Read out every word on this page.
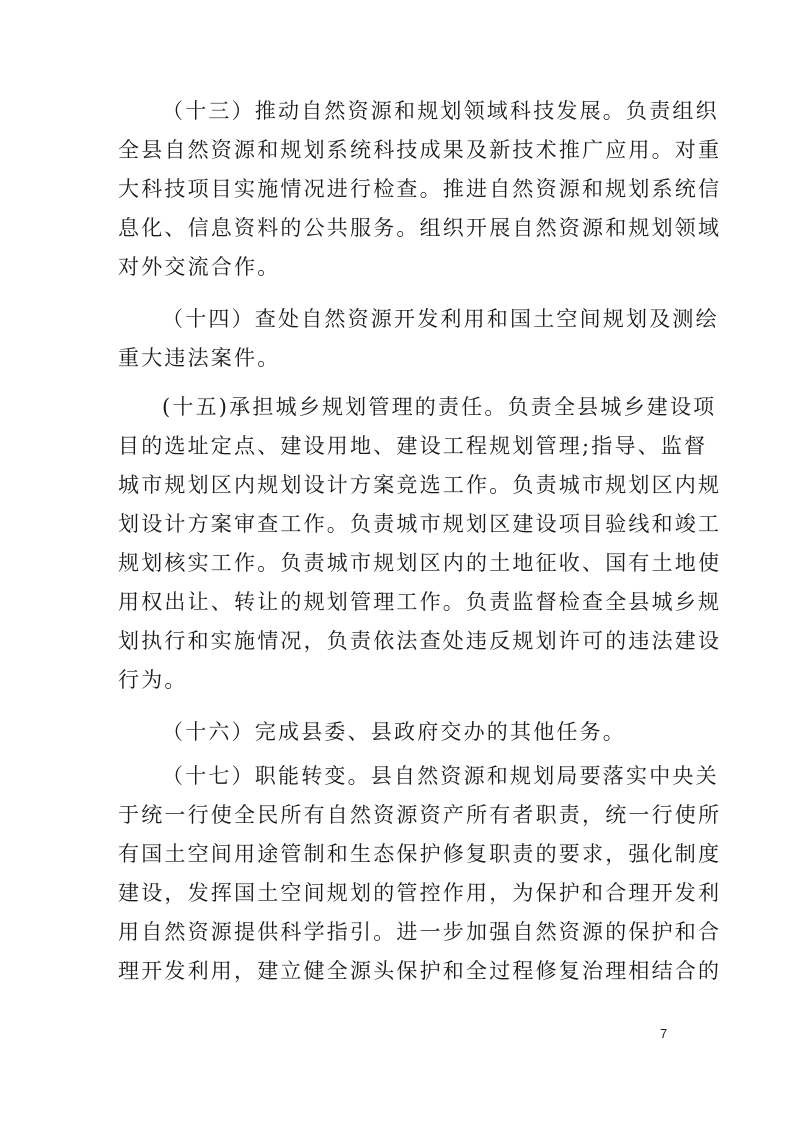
（十三）推动自然资源和规划领域科技发展。负责组织
全县自然资源和规划系统科技成果及新技术推广应用。对重
大科技项目实施情况进行检查。推进自然资源和规划系统信
息化、信息资料的公共服务。组织开展自然资源和规划领域
对外交流合作。
（十四）查处自然资源开发利用和国土空间规划及测绘
重大违法案件。
(十五)承担城乡规划管理的责任。负责全县城乡建设项
目的选址定点、建设用地、建设工程规划管理;指导、监督
城市规划区内规划设计方案竞选工作。负责城市规划区内规
划设计方案审查工作。负责城市规划区建设项目验线和竣工
规划核实工作。负责城市规划区内的土地征收、国有土地使
用权出让、转让的规划管理工作。负责监督检查全县城乡规
划执行和实施情况，负责依法查处违反规划许可的违法建设
行为。
（十六）完成县委、县政府交办的其他任务。
（十七）职能转变。县自然资源和规划局要落实中央关
于统一行使全民所有自然资源资产所有者职责，统一行使所
有国土空间用途管制和生态保护修复职责的要求，强化制度
建设，发挥国土空间规划的管控作用，为保护和合理开发利
用自然资源提供科学指引。进一步加强自然资源的保护和合
理开发利用，建立健全源头保护和全过程修复治理相结合的
7
